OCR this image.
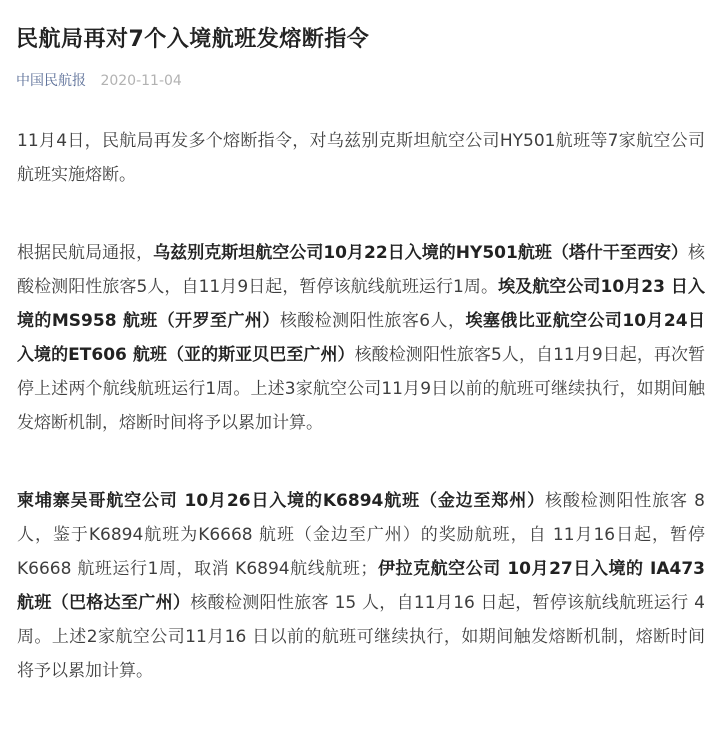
民航局再对7个入境航班发熔断指令
中国民航报 2020-11-04

11月4日，民航局再发多个熔断指令，对乌兹别克斯坦航空公司HY501航班等7家航空公司航班实施熔断。

根据民航局通报，乌兹别克斯坦航空公司10月22日入境的HY501航班（塔什干至西安）核酸检测阳性旅客5人，自11月9日起，暂停该航线航班运行1周。埃及航空公司10月23 日入境的MS958 航班（开罗至广州）核酸检测阳性旅客6人，埃塞俄比亚航空公司10月24日入境的ET606 航班（亚的斯亚贝巴至广州）核酸检测阳性旅客5人，自11月9日起，再次暂停上述两个航线航班运行1周。上述3家航空公司11月9日以前的航班可继续执行，如期间触发熔断机制，熔断时间将予以累加计算。

柬埔寨吴哥航空公司 10月26日入境的K6894航班（金边至郑州）核酸检测阳性旅客 8 人，鉴于K6894航班为K6668 航班（金边至广州）的奖励航班，自 11月16日起，暂停 K6668 航班运行1周，取消 K6894航线航班；伊拉克航空公司 10月27日入境的 IA473 航班（巴格达至广州）核酸检测阳性旅客 15 人，自11月16 日起，暂停该航线航班运行 4 周。上述2家航空公司11月16 日以前的航班可继续执行，如期间触发熔断机制，熔断时间将予以累加计算。
